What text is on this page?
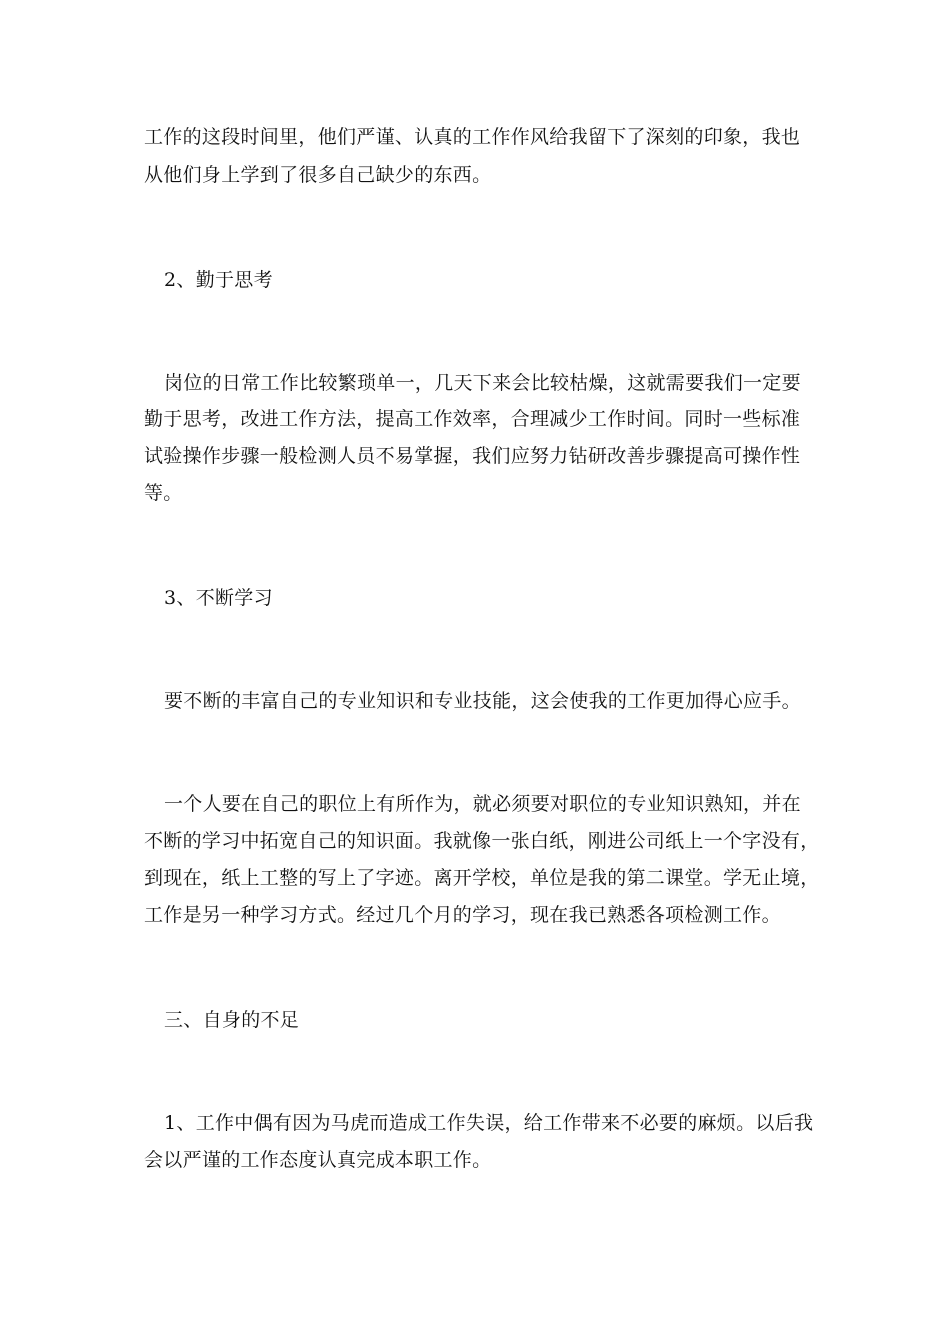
工作的这段时间里，他们严谨、认真的工作作风给我留下了深刻的印象，我也
从他们身上学到了很多自己缺少的东西。
2、勤于思考
岗位的日常工作比较繁琐单一，几天下来会比较枯燥，这就需要我们一定要
勤于思考，改进工作方法，提高工作效率，合理减少工作时间。同时一些标准
试验操作步骤一般检测人员不易掌握，我们应努力钻研改善步骤提高可操作性
等。
3、不断学习
要不断的丰富自己的专业知识和专业技能，这会使我的工作更加得心应手。
一个人要在自己的职位上有所作为，就必须要对职位的专业知识熟知，并在
不断的学习中拓宽自己的知识面。我就像一张白纸，刚进公司纸上一个字没有，
到现在，纸上工整的写上了字迹。离开学校，单位是我的第二课堂。学无止境，
工作是另一种学习方式。经过几个月的学习，现在我已熟悉各项检测工作。
三、自身的不足
1、工作中偶有因为马虎而造成工作失误，给工作带来不必要的麻烦。以后我
会以严谨的工作态度认真完成本职工作。
